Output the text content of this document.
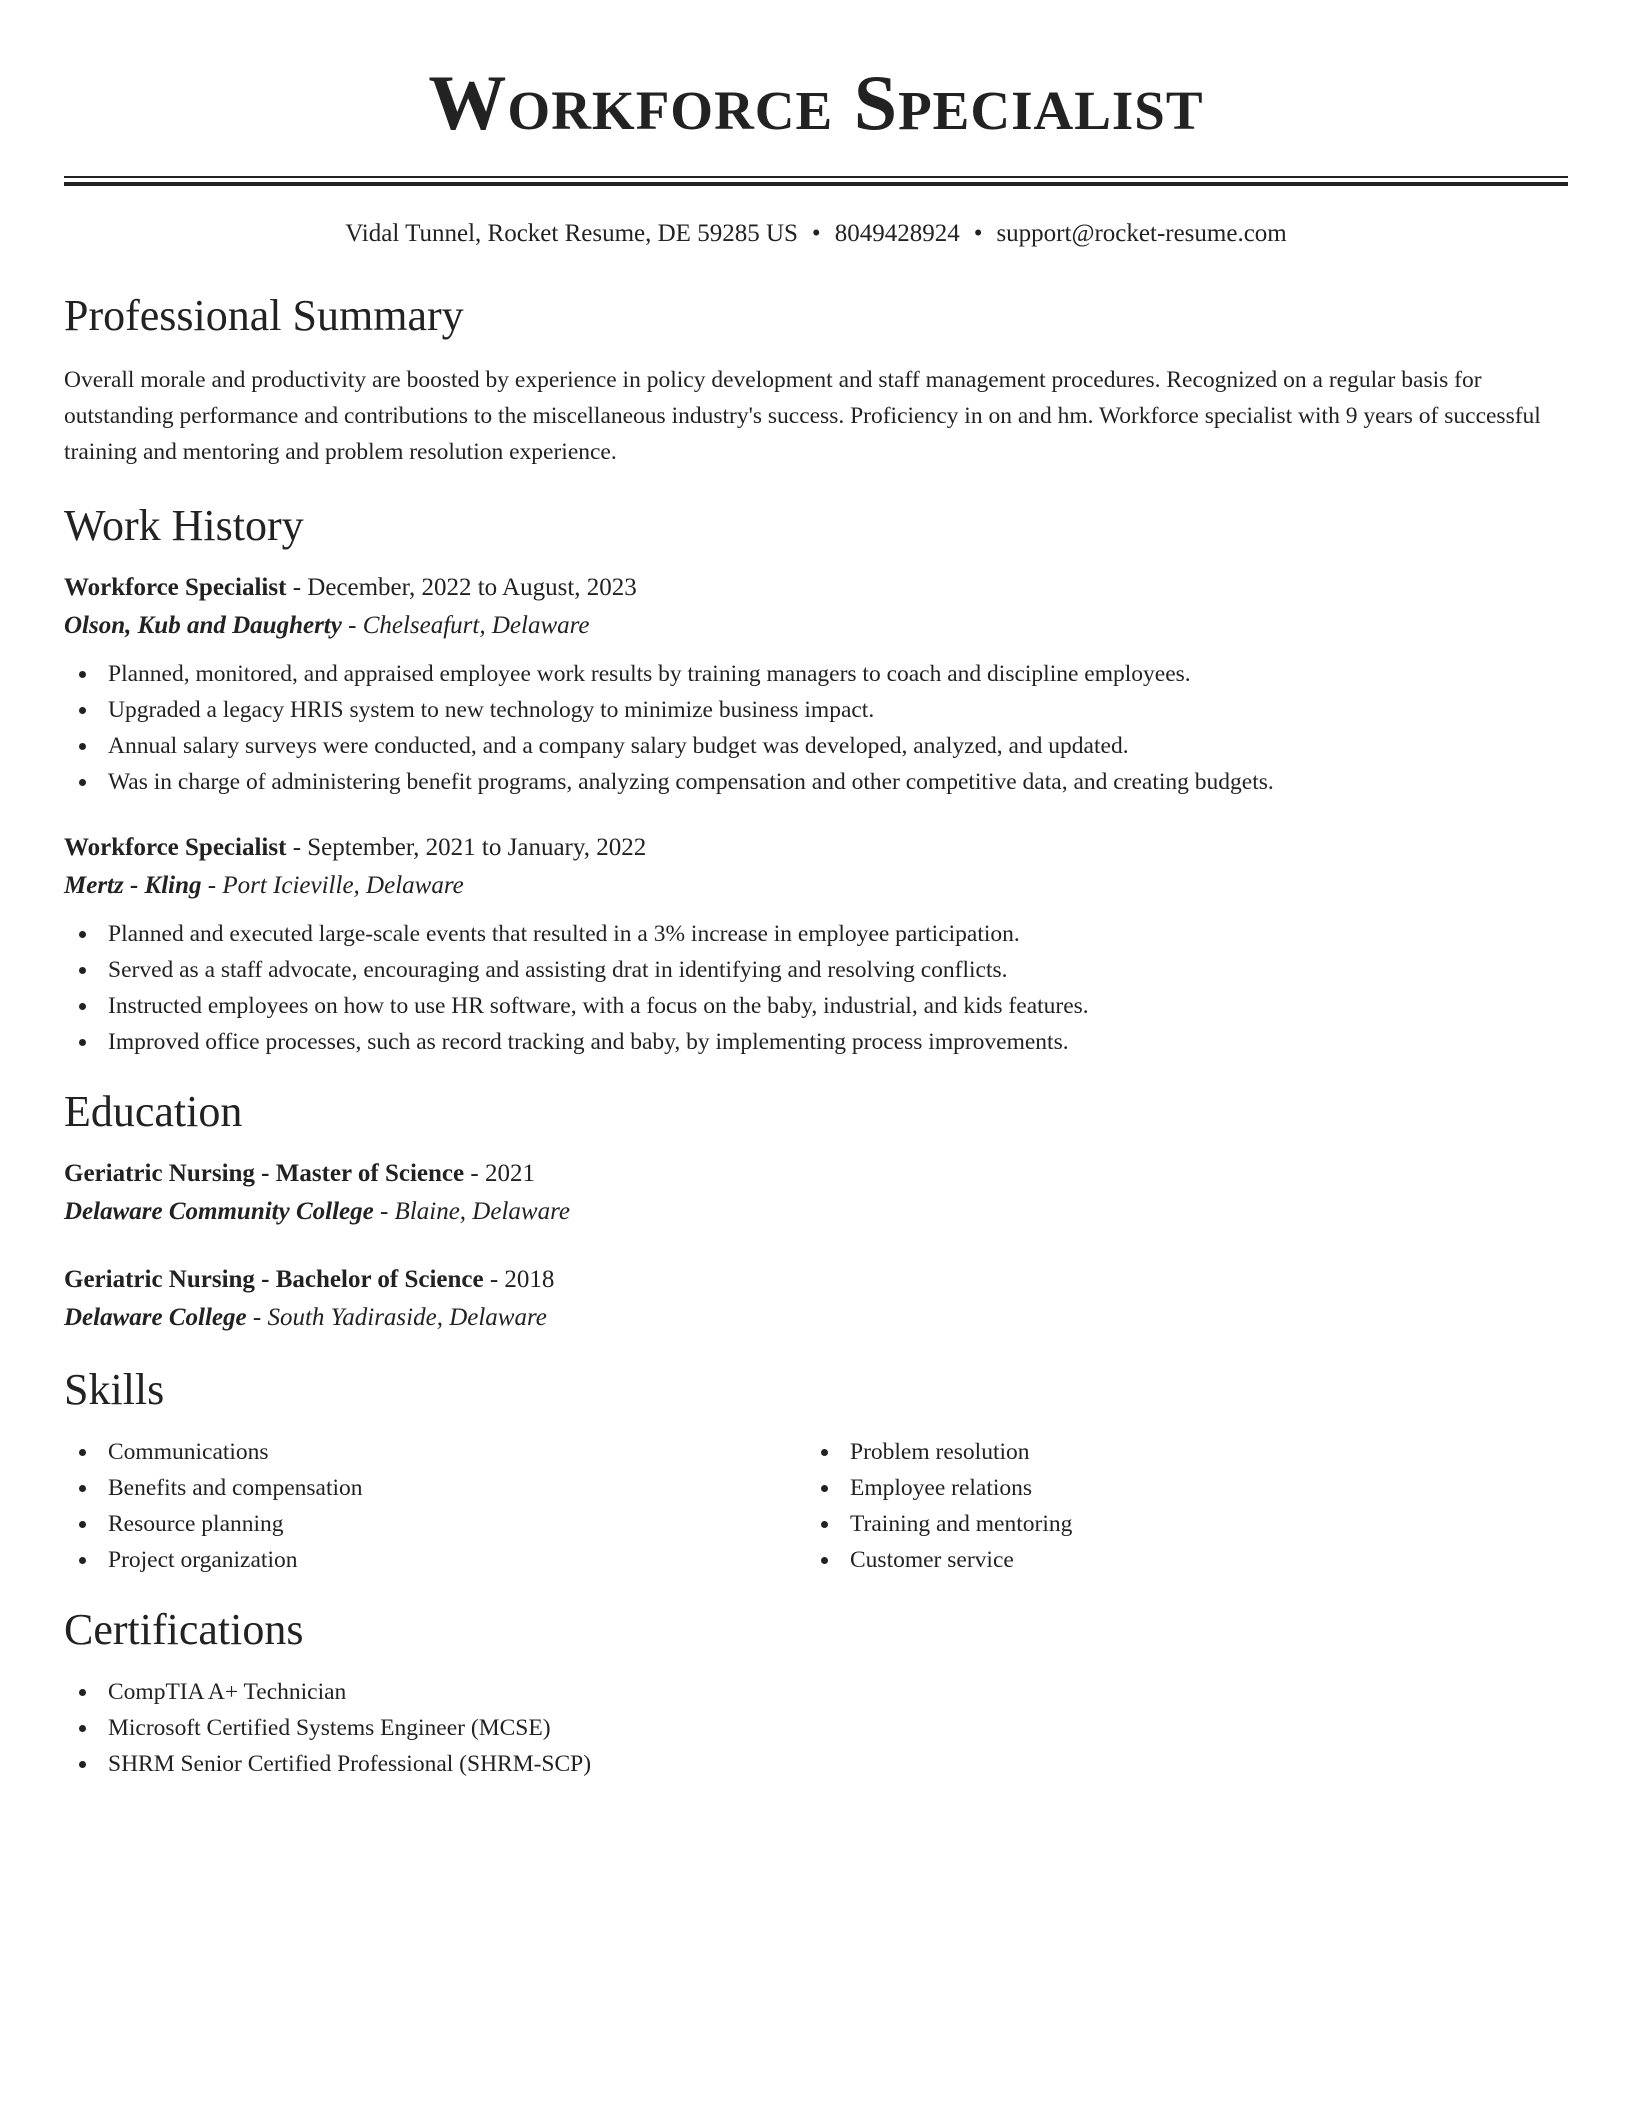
Workforce Specialist
Vidal Tunnel, Rocket Resume, DE 59285 US • 8049428924 • support@rocket-resume.com
Professional Summary

Overall morale and productivity are boosted by experience in policy development and staff management procedures. Recognized on a regular basis for outstanding performance and contributions to the miscellaneous industry's success. Proficiency in on and hm. Workforce specialist with 9 years of successful training and mentoring and problem resolution experience.

Work History
Workforce Specialist - December, 2022 to August, 2023
Olson, Kub and Daugherty - Chelseafurt, Delaware
Planned, monitored, and appraised employee work results by training managers to coach and discipline employees.
Upgraded a legacy HRIS system to new technology to minimize business impact.
Annual salary surveys were conducted, and a company salary budget was developed, analyzed, and updated.
Was in charge of administering benefit programs, analyzing compensation and other competitive data, and creating budgets.
Workforce Specialist - September, 2021 to January, 2022
Mertz - Kling - Port Icieville, Delaware
Planned and executed large-scale events that resulted in a 3% increase in employee participation.
Served as a staff advocate, encouraging and assisting drat in identifying and resolving conflicts.
Instructed employees on how to use HR software, with a focus on the baby, industrial, and kids features.
Improved office processes, such as record tracking and baby, by implementing process improvements.
Education
Geriatric Nursing - Master of Science - 2021
Delaware Community College - Blaine, Delaware
Geriatric Nursing - Bachelor of Science - 2018
Delaware College - South Yadiraside, Delaware
Skills
Communications
Benefits and compensation
Resource planning
Project organization
Problem resolution
Employee relations
Training and mentoring
Customer service
Certifications
CompTIA A+ Technician
Microsoft Certified Systems Engineer (MCSE)
SHRM Senior Certified Professional (SHRM-SCP)
